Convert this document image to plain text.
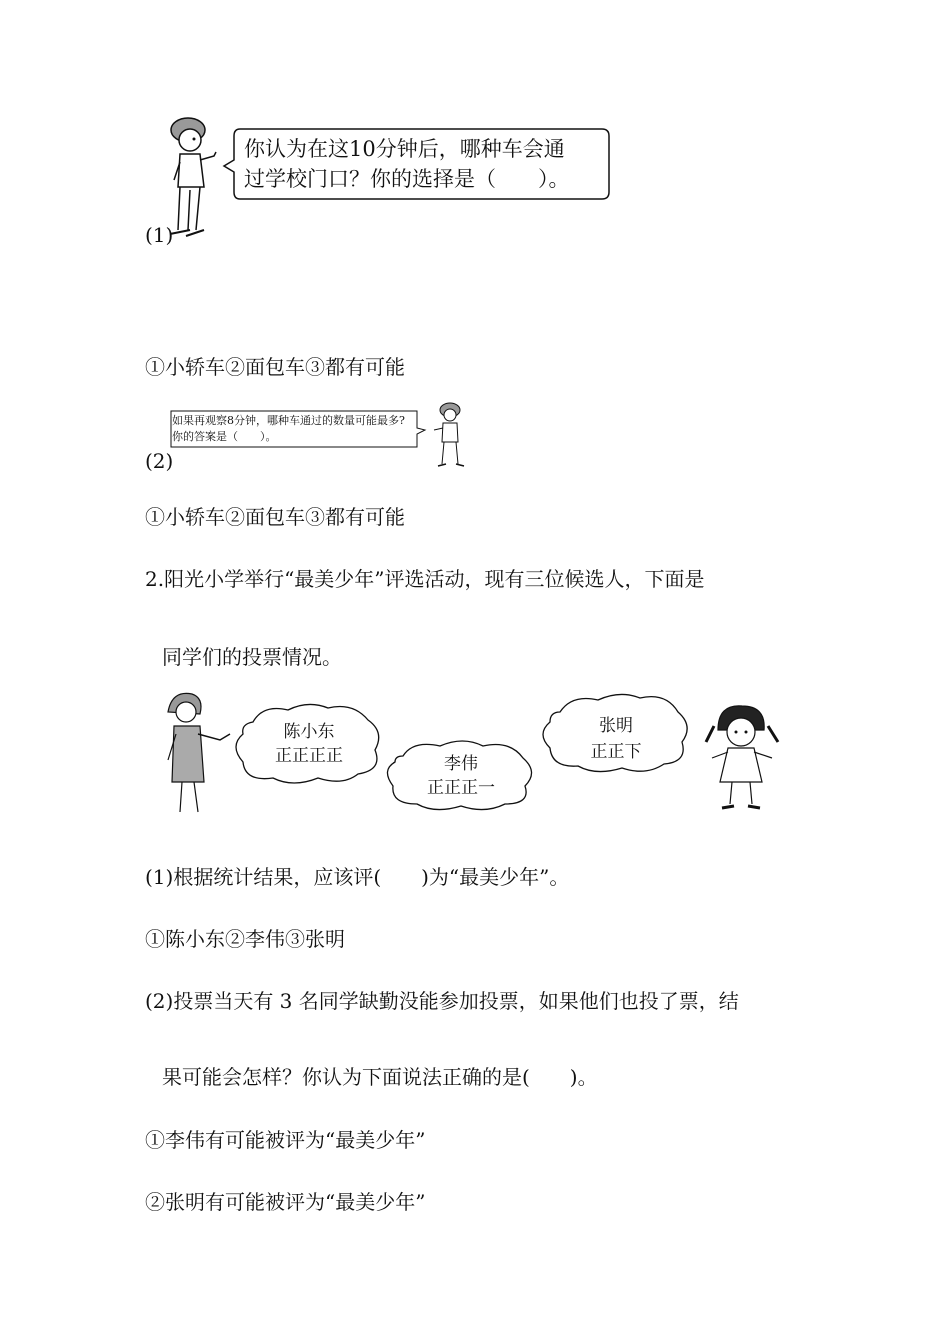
你认为在这10分钟后，哪种车会通
过学校门口？你的选择是（　　）。
(1)
①小轿车②面包车③都有可能
(2)
如果再观察8分钟，哪种车通过的数量可能最多?
你的答案是（　　）。
①小轿车②面包车③都有可能
2.阳光小学举行“最美少年”评选活动，现有三位候选人，下面是
同学们的投票情况。
陈小东
正正正正	李伟
正正正一
张明
正正下
(1)根据统计结果，应该评(　　)为“最美少年”。
①陈小东②李伟③张明
(2)投票当天有 3 名同学缺勤没能参加投票，如果他们也投了票，结
果可能会怎样？你认为下面说法正确的是(　　)。
①李伟有可能被评为“最美少年”
②张明有可能被评为“最美少年”
